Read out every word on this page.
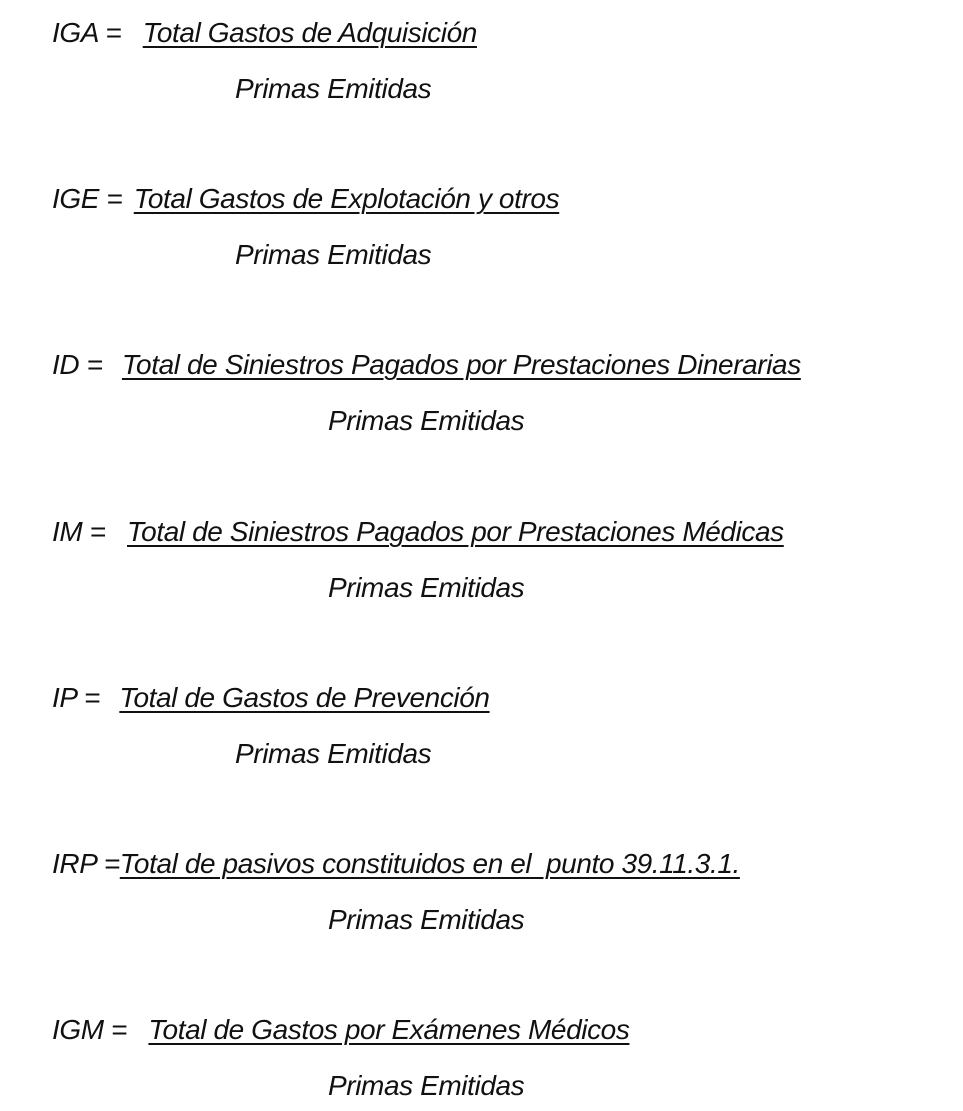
IGA = Total Gastos de Adquisición
Primas Emitidas
IGE = Total Gastos de Explotación y otros
Primas Emitidas
ID = Total de Siniestros Pagados por Prestaciones Dinerarias
Primas Emitidas
IM = Total de Siniestros Pagados por Prestaciones Médicas
Primas Emitidas
IP = Total de Gastos de Prevención
Primas Emitidas
IRP =Total de pasivos constituidos en el  punto 39.11.3.1.
Primas Emitidas
IGM = Total de Gastos por Exámenes Médicos
Primas Emitidas
